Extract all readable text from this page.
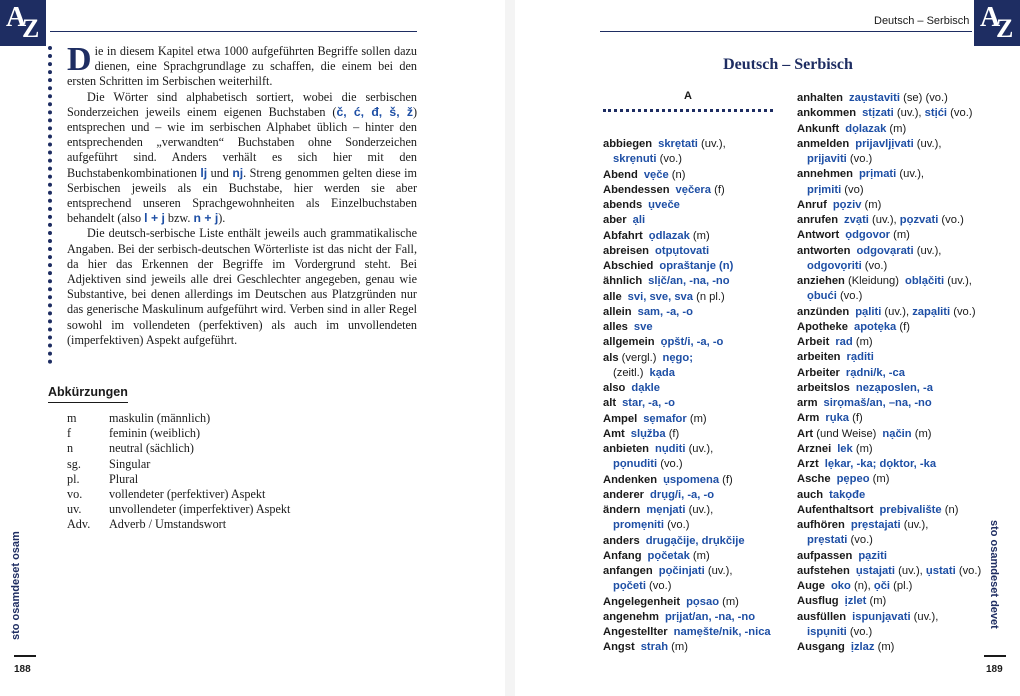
A
Z

Die in diesem Kapitel etwa 1000 aufgeführten Begriffe sollen dazu dienen, eine Sprachgrundlage zu schaffen, die einem bei den ersten Schritten im Serbischen weiterhilft.

Die Wörter sind alphabetisch sortiert, wobei die serbischen Sonderzeichen jeweils einem eigenen Buchstaben (č, ć, đ, š, ž) entsprechen und – wie im serbischen Alphabet üblich – hinter den entsprechenden „verwandten“ Buchstaben ohne Sonderzeichen aufgeführt sind. Anders verhält es sich hier mit den Buchstabenkombinationen lj und nj. Streng genommen gelten diese im Serbischen jeweils als ein Buchstabe, hier werden sie aber entsprechend unseren Sprachgewohnheiten als Einzelbuchstaben behandelt (also l + j bzw. n + j).

Die deutsch-serbische Liste enthält jeweils auch grammatikalische Angaben. Bei der serbisch-deutschen Wörterliste ist das nicht der Fall, da hier das Erkennen der Begriffe im Vordergrund steht. Bei Adjektiven sind jeweils alle drei Geschlechter angegeben, genau wie Substantive, bei denen allerdings im Deutschen aus Platzgründen nur das generische Maskulinum aufgeführt wird. Verben sind in aller Regel sowohl im vollendeten (perfektiven) als auch im unvollendeten (imperfektiven) Aspekt aufgeführt.

Abkürzungen
m	maskulin (männlich)
f	feminin (weiblich)
n	neutral (sächlich)
sg.	Singular
pl.	Plural
vo.	vollendeter (perfektiver) Aspekt
uv.	unvollendeter (imperfektiver) Aspekt
Adv.	Adverb / Umstandswort
sto osamdeset osam
188
A
Z
Deutsch – Serbisch
Deutsch – Serbisch
A
abbiegen skrẹtati (uv.),
skrẹnuti (vo.)
Abend vẹče (n)
Abendessen vẹčera (f)
abends ụveče
aber ạli
Abfahrt ọdlazak (m)
abreisen otpụtovati
Abschied opraštanje (n)
ähnlich slịč/an, -na, -no
alle svi, sve, sva (n pl.)
allein sam, -a, -o
alles sve
allgemein ọpšt/i, -a, -o
als (vergl.) nẹgo;
(zeitl.) kạda
also dạkle
alt star, -a, -o
Ampel sẹmafor (m)
Amt slụžba (f)
anbieten nụditi (uv.),
pọnuditi (vo.)
Andenken ụspomena (f)
anderer drụg/i, -a, -o
ändern mẹnjati (uv.),
promẹniti (vo.)
anders drugạčije, drụkčije
Anfang pọčetak (m)
anfangen pọčinjati (uv.),
pọčeti (vo.)
Angelegenheit pọsao (m)
angenehm prịjat/an, -na, -no
Angestellter namẹšte/nik, -nica
Angst strah (m)
anhalten zaụstaviti (se) (vo.)
ankommen stịzati (uv.), stịći (vo.)
Ankunft dọlazak (m)
anmelden prijavljịvati (uv.),
prịjaviti (vo.)
annehmen prịmati (uv.),
prịmiti (vo)
Anruf pọziv (m)
anrufen zvạti (uv.), pọzvati (vo.)
Antwort ọdgovor (m)
antworten odgovạrati (uv.),
odgovọriti (vo.)
anziehen (Kleidung) oblạčiti (uv.),
ọbući (vo.)
anzünden pạliti (uv.), zapạliti (vo.)
Apotheke apotẹka (f)
Arbeit rad (m)
arbeiten rạditi
Arbeiter rạdni/k, -ca
arbeitslos nezạposlen, -a
arm sirọmaš/an, –na, -no
Arm rụka (f)
Art (und Weise) nạčin (m)
Arznei lek (m)
Arzt lẹkar, -ka; dọktor, -ka
Asche pẹpeo (m)
auch takọđe
Aufenthaltsort prebịvalište (n)
aufhören prẹstajati (uv.),
prẹstati (vo.)
aufpassen pạziti
aufstehen ụstajati (uv.), ụstati (vo.)
Auge oko (n), ọči (pl.)
Ausflug ịzlet (m)
ausfüllen ispunjạvati (uv.),
ispụniti (vo.)
Ausgang ịzlaz (m)
sto osamdeset devet
189
